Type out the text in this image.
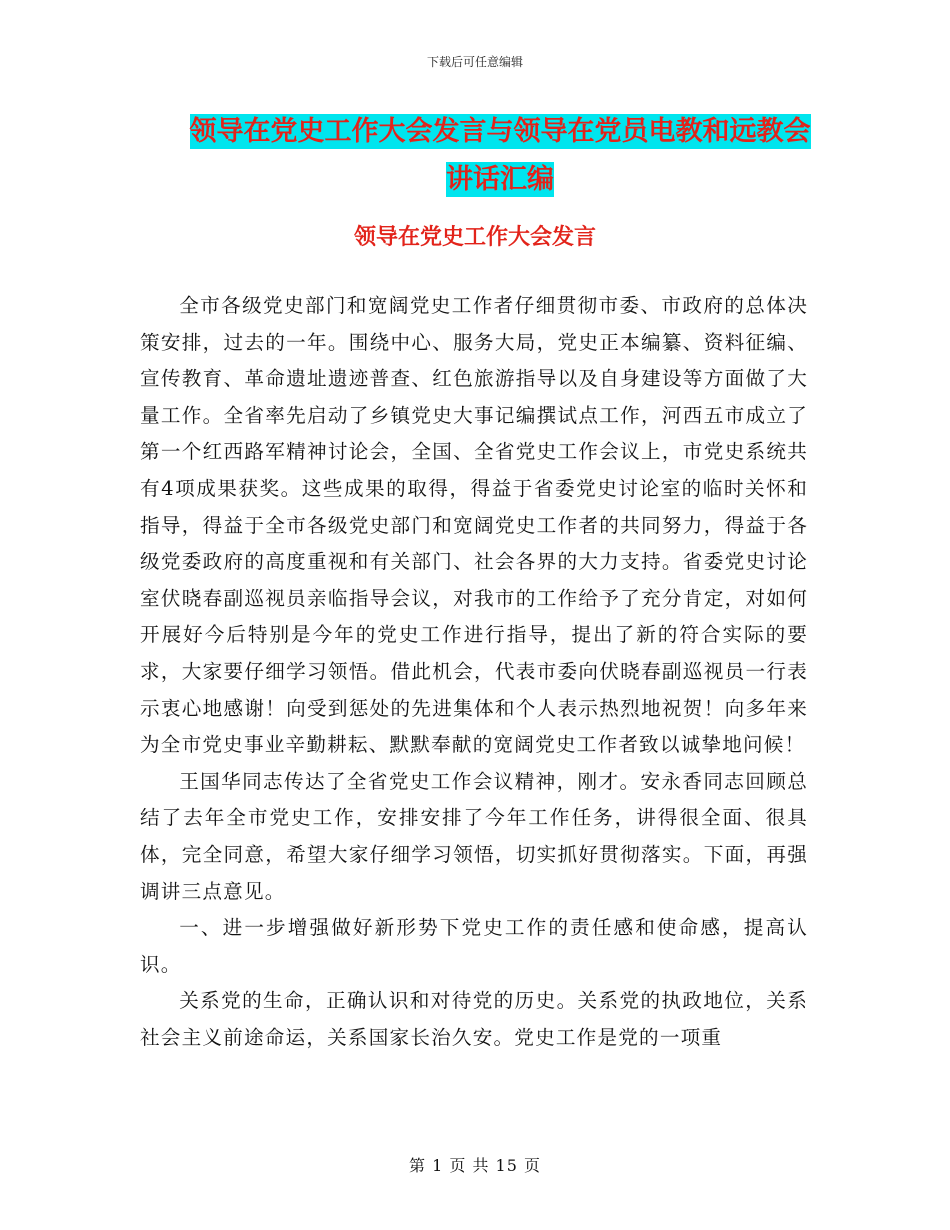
下载后可任意编辑
领导在党史工作大会发言与领导在党员电教和远教会
讲话汇编
领导在党史工作大会发言

全市各级党史部门和宽阔党史工作者仔细贯彻市委、市政府的总体决策安排，过去的一年。围绕中心、服务大局，党史正本编纂、资料征编、宣传教育、革命遗址遗迹普查、红色旅游指导以及自身建设等方面做了大量工作。全省率先启动了乡镇党史大事记编撰试点工作，河西五市成立了第一个红西路军精神讨论会，全国、全省党史工作会议上，市党史系统共有4项成果获奖。这些成果的取得，得益于省委党史讨论室的临时关怀和指导，得益于全市各级党史部门和宽阔党史工作者的共同努力，得益于各级党委政府的高度重视和有关部门、社会各界的大力支持。省委党史讨论室伏晓春副巡视员亲临指导会议，对我市的工作给予了充分肯定，对如何开展好今后特别是今年的党史工作进行指导，提出了新的符合实际的要求，大家要仔细学习领悟。借此机会，代表市委向伏晓春副巡视员一行表示衷心地感谢！向受到惩处的先进集体和个人表示热烈地祝贺！向多年来为全市党史事业辛勤耕耘、默默奉献的宽阔党史工作者致以诚挚地问候！

王国华同志传达了全省党史工作会议精神，刚才。安永香同志回顾总结了去年全市党史工作，安排安排了今年工作任务，讲得很全面、很具体，完全同意，希望大家仔细学习领悟，切实抓好贯彻落实。下面，再强调讲三点意见。

一、进一步增强做好新形势下党史工作的责任感和使命感，提高认识。

关系党的生命，正确认识和对待党的历史。关系党的执政地位，关系社会主义前途命运，关系国家长治久安。党史工作是党的一项重

第 1 页 共 15 页
